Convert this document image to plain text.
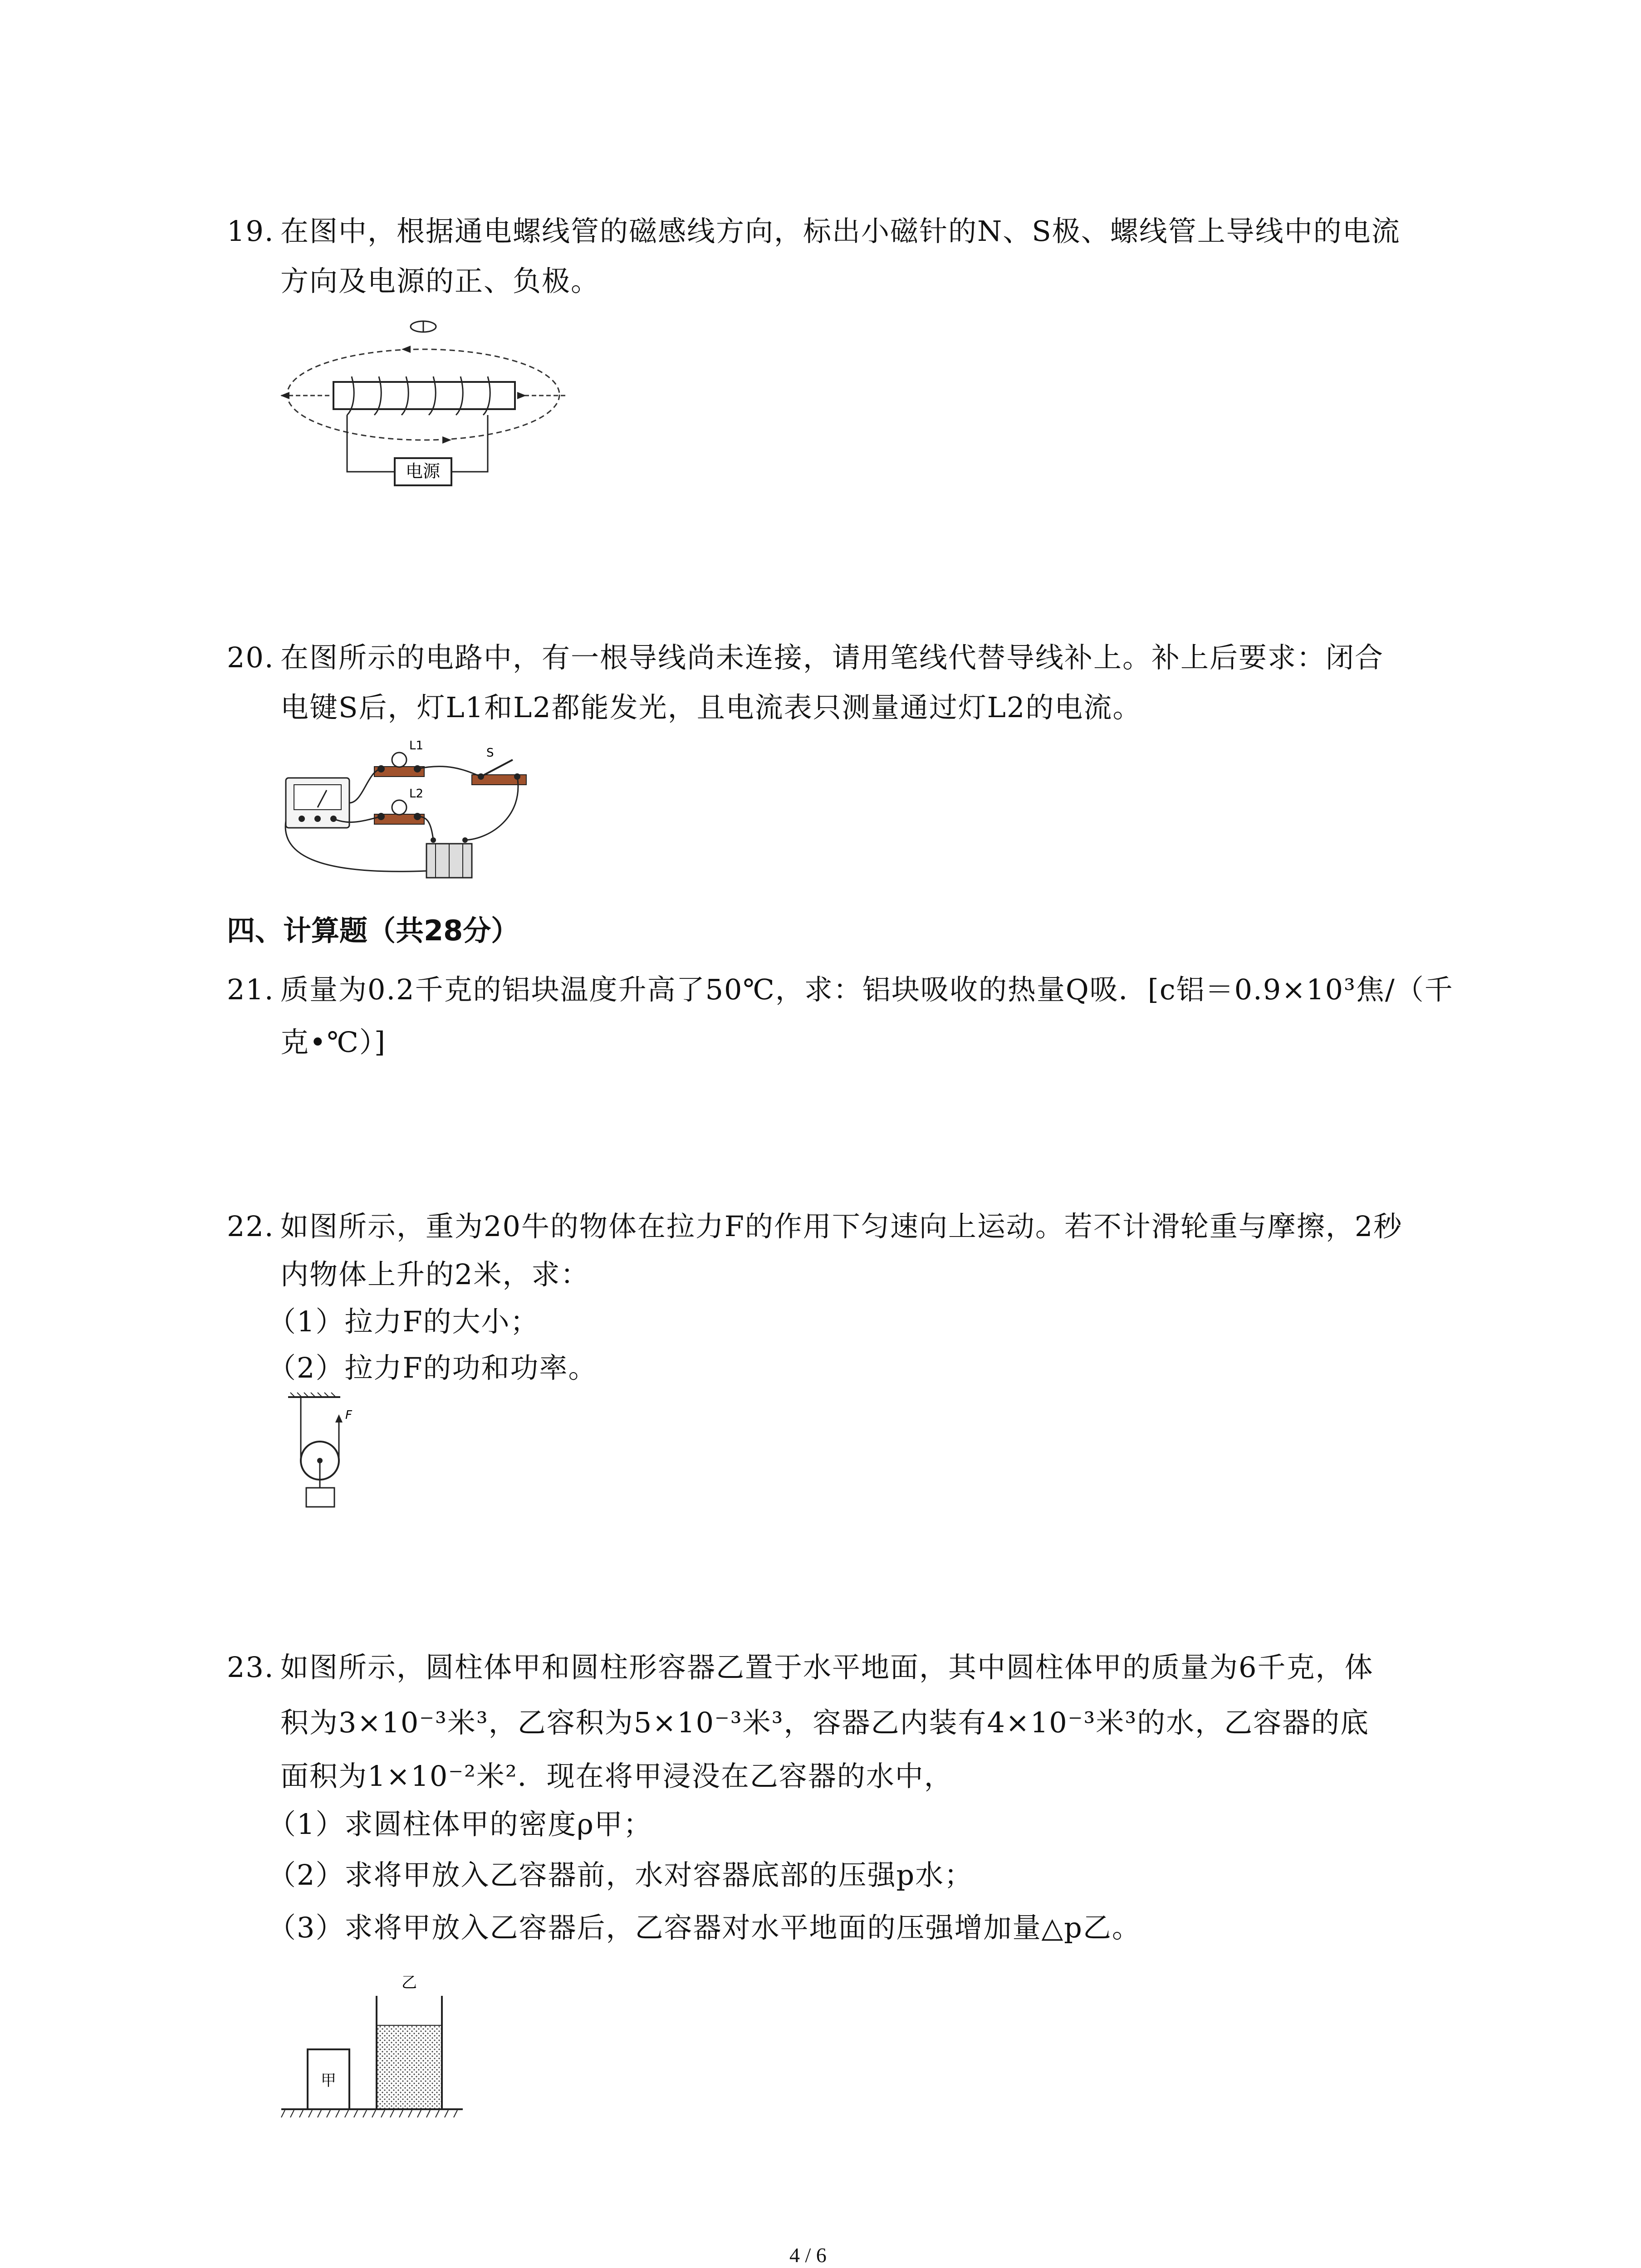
19. 在图中，根据通电螺线管的磁感线方向，标出小磁针的N、S极、螺线管上导线中的电流
方向及电源的正、负极。
电源
20. 在图所示的电路中，有一根导线尚未连接，请用笔线代替导线补上。补上后要求：闭合
电键S后，灯L1和L2都能发光，且电流表只测量通过灯L2的电流。
L1
L2
S
四、计算题（共28分）
21. 质量为0.2千克的铝块温度升高了50℃，求：铝块吸收的热量Q吸．[c铝＝0.9×10³焦/（千
克•℃）]
22. 如图所示，重为20牛的物体在拉力F的作用下匀速向上运动。若不计滑轮重与摩擦，2秒
内物体上升的2米，求：
（1）拉力F的大小；
（2）拉力F的功和功率。
F
23. 如图所示，圆柱体甲和圆柱形容器乙置于水平地面，其中圆柱体甲的质量为6千克，体
积为3×10⁻³米³，乙容积为5×10⁻³米³，容器乙内装有4×10⁻³米³的水，乙容器的底
面积为1×10⁻²米²．现在将甲浸没在乙容器的水中，
（1）求圆柱体甲的密度ρ甲；
（2）求将甲放入乙容器前，水对容器底部的压强p水；
（3）求将甲放入乙容器后，乙容器对水平地面的压强增加量△p乙。
甲
乙
4 / 6
